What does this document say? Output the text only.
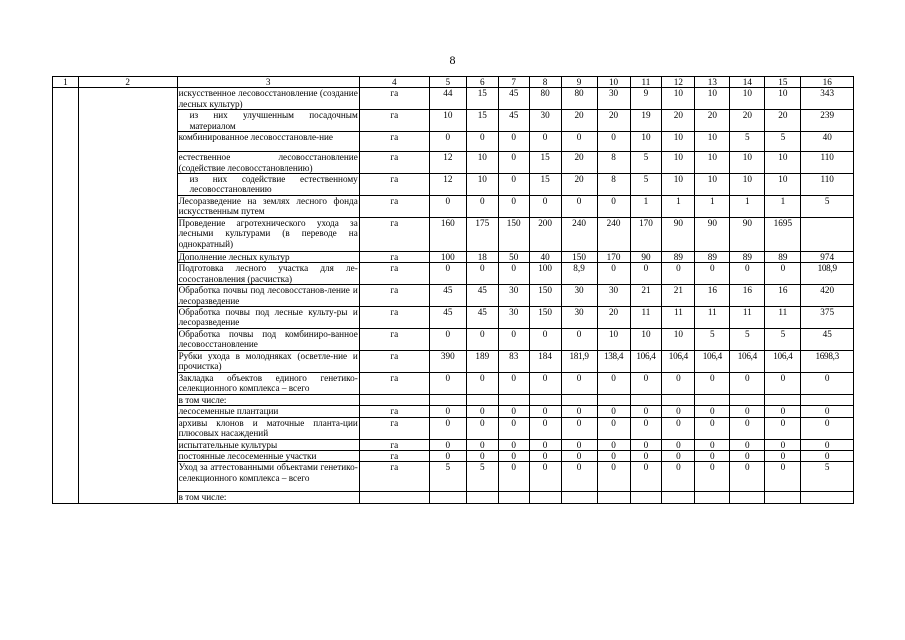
8
1	2	3	4	5	6	7	8	9	10	11	12	13	14	15	16
		искусственное лесовосстановление (создание лесных культур)	га	44	15	45	80	80	30	9	10	10	10	10	343
		из них улучшенным посадочным материалом	га	10	15	45	30	20	20	19	20	20	20	20	239
		комбинированное лесовосстановле-ние	га	0	0	0	0	0	0	10	10	10	5	5	40
		естественное лесовосстановление (содействие лесовосстановлению)	га	12	10	0	15	20	8	5	10	10	10	10	110
		из них содействие естественному лесовосстановлению	га	12	10	0	15	20	8	5	10	10	10	10	110
		Лесоразведение на землях лесного фонда искусственным путем	га	0	0	0	0	0	0	1	1	1	1	1	5
		Проведение агротехнического ухода за лесными культурами (в переводе на однократный)	га	160	175	150	200	240	240	170	90	90	90	1695	
		Дополнение лесных культур	га	100	18	50	40	150	170	90	89	89	89	89	974
		Подготовка лесного участка для ле-сосостановления (расчистка)	га	0	0	0	100	8,9	0	0	0	0	0	0	108,9
		Обработка почвы под лесовосстанов-ление и лесоразведение	га	45	45	30	150	30	30	21	21	16	16	16	420
		Обработка почвы под лесные культу-ры и лесоразведение	га	45	45	30	150	30	20	11	11	11	11	11	375
		Обработка почвы под комбиниро-ванное лесовосстановление	га	0	0	0	0	0	10	10	10	5	5	5	45
		Рубки ухода в молодняках (осветле-ние и прочистка)	га	390	189	83	184	181,9	138,4	106,4	106,4	106,4	106,4	106,4	1698,3
		Закладка объектов единого генетико-селекционного комплекса – всего	га	0	0	0	0	0	0	0	0	0	0	0	0
		в том числе:													
		лесосеменные плантации	га	0	0	0	0	0	0	0	0	0	0	0	0
		архивы клонов и маточные планта-ции плюсовых насаждений	га	0	0	0	0	0	0	0	0	0	0	0	0
		испытательные культуры	га	0	0	0	0	0	0	0	0	0	0	0	0
		постоянные лесосеменные участки	га	0	0	0	0	0	0	0	0	0	0	0	0
		Уход за аттестованными объектами генетико-селекционного комплекса – всего	га	5	5	0	0	0	0	0	0	0	0	0	5
		в том числе:													
